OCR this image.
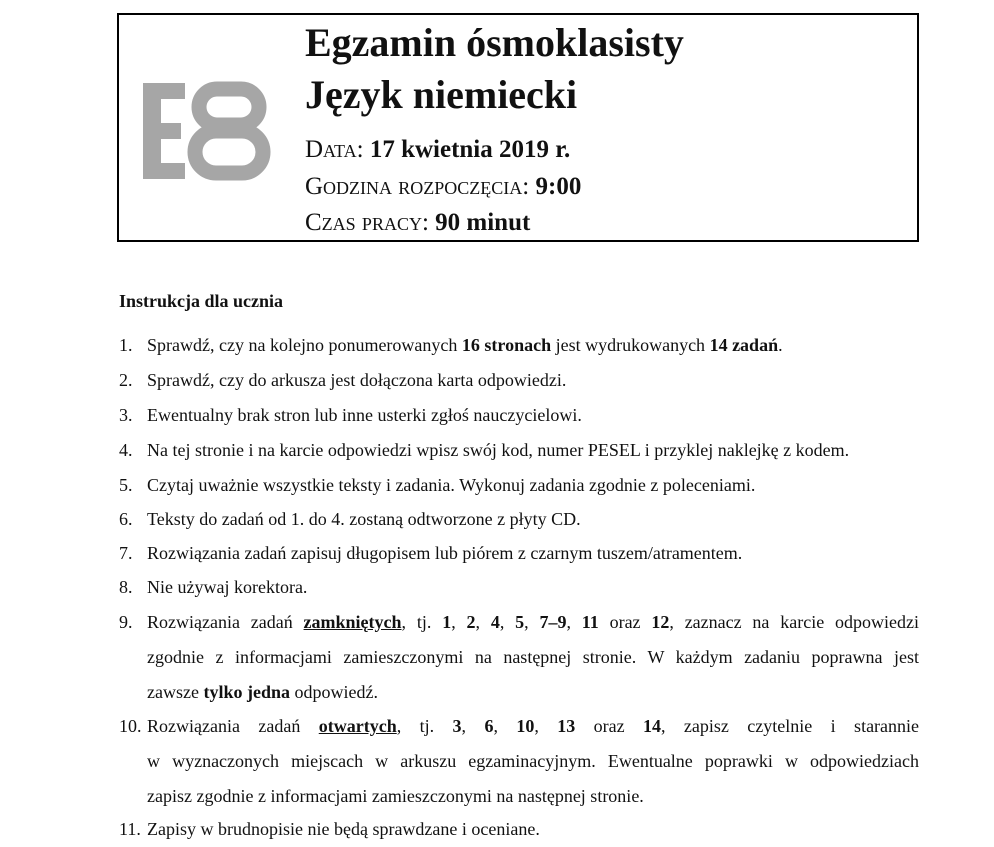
Egzamin ósmoklasisty
Język niemiecki
Data: 17 kwietnia 2019 r.
Godzina rozpoczęcia: 9:00
Czas pracy: 90 minut
Instrukcja dla ucznia
1. Sprawdź, czy na kolejno ponumerowanych 16 stronach jest wydrukowanych 14 zadań.
2. Sprawdź, czy do arkusza jest dołączona karta odpowiedzi.
3. Ewentualny brak stron lub inne usterki zgłoś nauczycielowi.
4. Na tej stronie i na karcie odpowiedzi wpisz swój kod, numer PESEL i przyklej naklejkę z kodem.
5. Czytaj uważnie wszystkie teksty i zadania. Wykonuj zadania zgodnie z poleceniami.
6. Teksty do zadań od 1. do 4. zostaną odtworzone z płyty CD.
7. Rozwiązania zadań zapisuj długopisem lub piórem z czarnym tuszem/atramentem.
8. Nie używaj korektora.
9. Rozwiązania zadań zamkniętych, tj. 1, 2, 4, 5, 7–9, 11 oraz 12, zaznacz na karcie odpowiedzi
zgodnie z informacjami zamieszczonymi na następnej stronie. W każdym zadaniu poprawna jest
zawsze tylko jedna odpowiedź.
10. Rozwiązania zadań otwartych, tj. 3, 6, 10, 13 oraz 14, zapisz czytelnie i starannie
w wyznaczonych miejscach w arkuszu egzaminacyjnym. Ewentualne poprawki w odpowiedziach
zapisz zgodnie z informacjami zamieszczonymi na następnej stronie.
11. Zapisy w brudnopisie nie będą sprawdzane i oceniane.
